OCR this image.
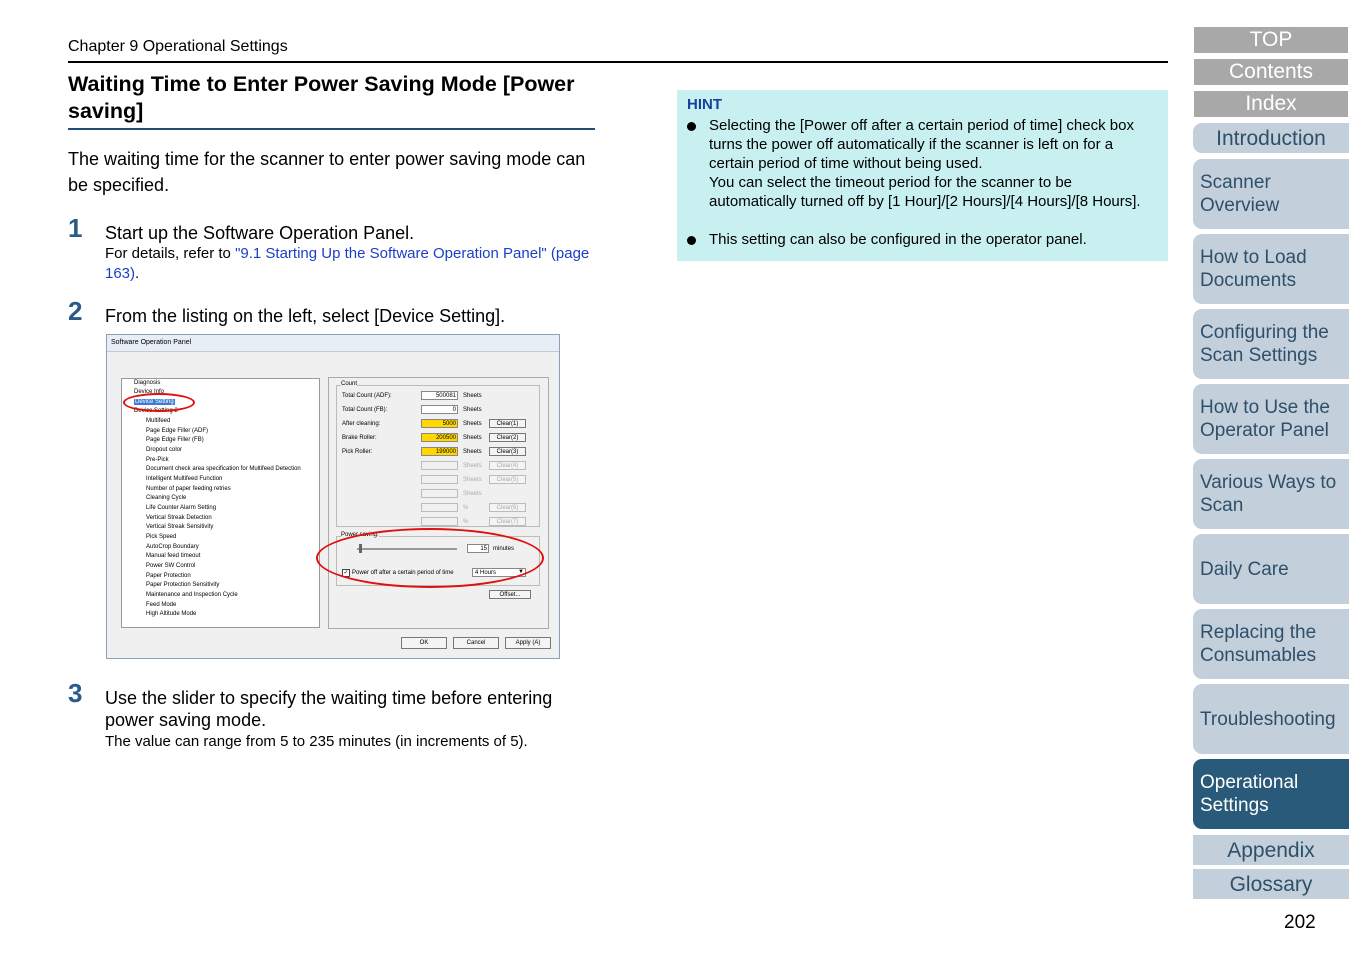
Chapter 9 Operational Settings
Waiting Time to Enter Power Saving Mode [Power saving]
The waiting time for the scanner to enter power saving mode can be specified.
1 Start up the Software Operation Panel.
For details, refer to "9.1 Starting Up the Software Operation Panel" (page 163).
2 From the listing on the left, select [Device Setting].
Software Operation Panel
Diagnosis
Device Info
Device Setting
Device Setting 2
Multifeed
Page Edge Filler (ADF)
Page Edge Filler (FB)
Dropout color
Pre-Pick
Document check area specification for Multifeed Detection
Intelligent Multifeed Function
Number of paper feeding retries
Cleaning Cycle
Life Counter Alarm Setting
Vertical Streak Detection
Vertical Streak Sensitivity
Pick Speed
AutoCrop Boundary
Manual feed timeout
Power SW Control
Paper Protection
Paper Protection Sensitivity
Maintenance and Inspection Cycle
Feed Mode
High Altitude Mode
Count
Total Count (ADF):	500081	Sheets
Total Count (FB):	0	Sheets
After cleaning:	5000	Sheets	Clear(1)
Brake Roller:	200500	Sheets	Clear(2)
Pick Roller:	199000	Sheets	Clear(3)
Sheets	Clear(4)
Sheets	Clear(5)
Sheets
%	Clear(6)
%	Clear(7)
Power saving:
15	minutes
✓ Power off after a certain period of time	4 Hours	▼
Offset...
OK	Cancel	Apply (A)
3 Use the slider to specify the waiting time before entering power saving mode.
The value can range from 5 to 235 minutes (in increments of 5).
HINT
Selecting the [Power off after a certain period of time] check box turns the power off automatically if the scanner is left on for a certain period of time without being used.
You can select the timeout period for the scanner to be automatically turned off by [1 Hour]/[2 Hours]/[4 Hours]/[8 Hours].
This setting can also be configured in the operator panel.
TOP
Contents
Index
Introduction
Scanner Overview
How to Load Documents
Configuring the Scan Settings
How to Use the Operator Panel
Various Ways to Scan
Daily Care
Replacing the Consumables
Troubleshooting
Operational Settings
Appendix
Glossary
202
